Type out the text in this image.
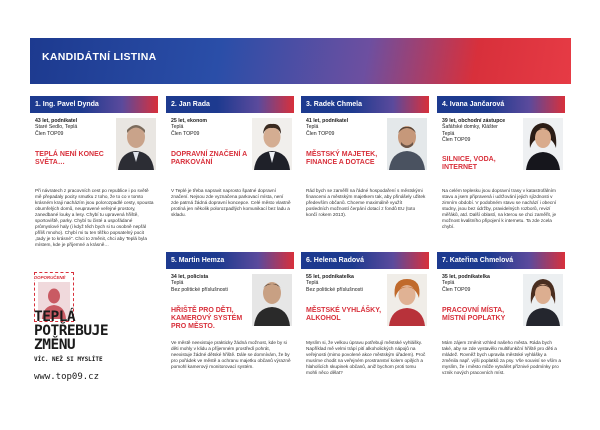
KANDIDÁTNÍ LISTINA
1. Ing. Pavel Dynda
43 let, podnikatel
Staré Sedlo, Teplá
Člen TOP09
TEPLÁ NENÍ KONEC SVĚTA…
Při návratech z pracovních cest po republice i po světě mě přepadaly pocity smutku z toho, že to co v tomto krásném kraji nacházím jsou polorozpadlé cesty, spousta obumřelých domů, neupravené veřejné prostory, zanedbané louky a lesy. Chybí tu upravená hřiště, sportoviště, parky. Chybí tu čisté a uspořádané průmyslové haly (i když těch bych si tu osobně nepřál příliš mnoho). Chybí mi tu ten těžko popsatelný pocit „tady je to krásné“. Chci to změnit, chci aby Teplá byla místem, kde je příjemné a krásně…
2. Jan Rada
25 let, ekonom
Teplá
Člen TOP09
DOPRAVNÍ ZNAČENÍ A PARKOVÁNÍ
V Teplé je třeba napravit naprosto špatné dopravní značení. Nejsou zde vyznačena parkovací místa, není zde patrná žádná dopravní koncepce. Celé město vlastně protíná jen několik polorozpadlých komunikací bez ladu a skladu.
3. Radek Chmela
41 let, podnikatel
Teplá
Člen TOP09
MĚSTSKÝ MAJETEK, FINANCE A DOTACE
Rád bych se zaměřil na řádné hospodaření s městskými financemi a městským majetkem tak, aby přinášely užitek především občanů. Chceme maximálně využít posledních možností čerpání dotací z fondů EU (toto končí rokem 2013).
4. Ivana Jančarová
39 let, obchodní zástupce
Šafářské domky, Klášter
Teplá
Člen TOP09
SILNICE, VODA, INTERNET
Na celém teplesku jsou dopravní trasy v katastrofálním stavu a jsem připravená i udržování jejich sjízdnosti v zimním období. V podobném stavu se nachází i obecní studny, jsou bez údržby, pravidelných rozborů, revizí měřáků, atd. Další oblastí, na kterou se chci zaměřit, je možnost kvalitního připojení k internetu. Ta zde zcela chybí.
5. Martin Hemza
34 let, policista
Teplá
Bez politické příslušnosti
HŘIŠTĚ PRO DĚTI, KAMEROVÝ SYSTÉM PRO MĚSTO.
Ve městě neexistuje prakticky žádná možnost, kde by si děti mohly v klidu a příjemném prostředí pohrát, neexistuje žádné dětské hřiště. Dále se domnívám, že by pro pořádek ve městě a ochranu majetku občanů výrazně pomohl kamerový monitorovací systém.
6. Helena Radová
55 let, podnikatelka
Teplá
Bez politické příslušnosti
MĚSTSKÉ VYHLÁŠKY, ALKOHOL
Myslím si, že velkou úpravu potřebují městské vyhlášky. Například mě velmi trápí pití alkoholických nápojů na veřejnosti (mimo povolené akce městským úřadem). Proč musíme chodit na veřejném prostranství kolem opilých a hlaholících skupinek občanů, aniž bychom proti tomu mohli něco dělat?
7. Kateřina Chmelová
35 let, podnikatelka
Teplá
Člen TOP09
PRACOVNÍ MÍSTA, MÍSTNÍ POPLATKY
Mám zájem změnit vzhled našeho města. Ráda bych také, aby se zde vystavělo multifunkční hřiště pro děti a mládež. Rovněž bych upravila městské vyhlášky a změnila např. výši poplatků za psy. Vše souvisí se vším a myslím, že i město může vytvářet příznivé podmínky pro vznik nových pracovních míst.
DOPORUČENÉ
TEPLÁ
POTŘEBUJE
ZMĚNU
VÍC. NEŽ SI MYSLÍTE
www.top09.cz
